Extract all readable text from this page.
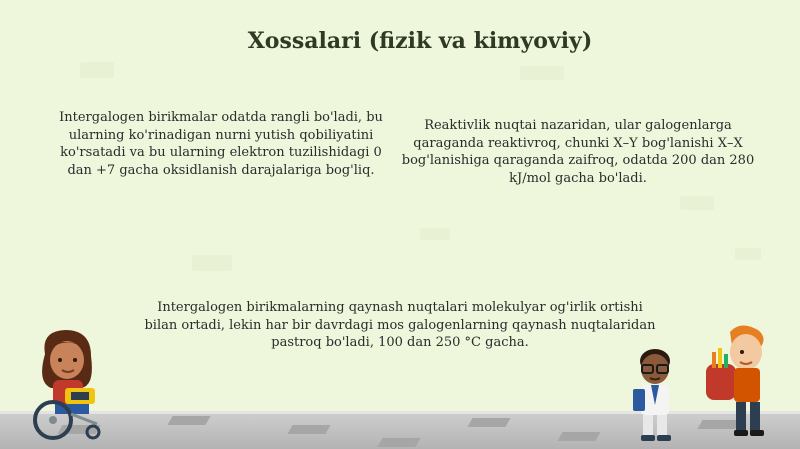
Xossalari (fizik va kimyoviy)
Intergalogen birikmalar odatda rangli bo'ladi, bu ularning ko'rinadigan nurni yutish qobiliyatini ko'rsatadi va bu ularning elektron tuzilishidagi 0 dan +7 gacha oksidlanish darajalariga bog'liq.
Reaktivlik nuqtai nazaridan, ular galogenlarga qaraganda reaktivroq, chunki X–Y bog'lanishi X–X bog'lanishiga qaraganda zaifroq, odatda 200 dan 280 kJ/mol gacha bo'ladi.
Intergalogen birikmalarning qaynash nuqtalari molekulyar og'irlik ortishi bilan ortadi, lekin har bir davrdagi mos galogenlarning qaynash nuqtalaridan pastroq bo'ladi, 100 dan 250 °C gacha.
